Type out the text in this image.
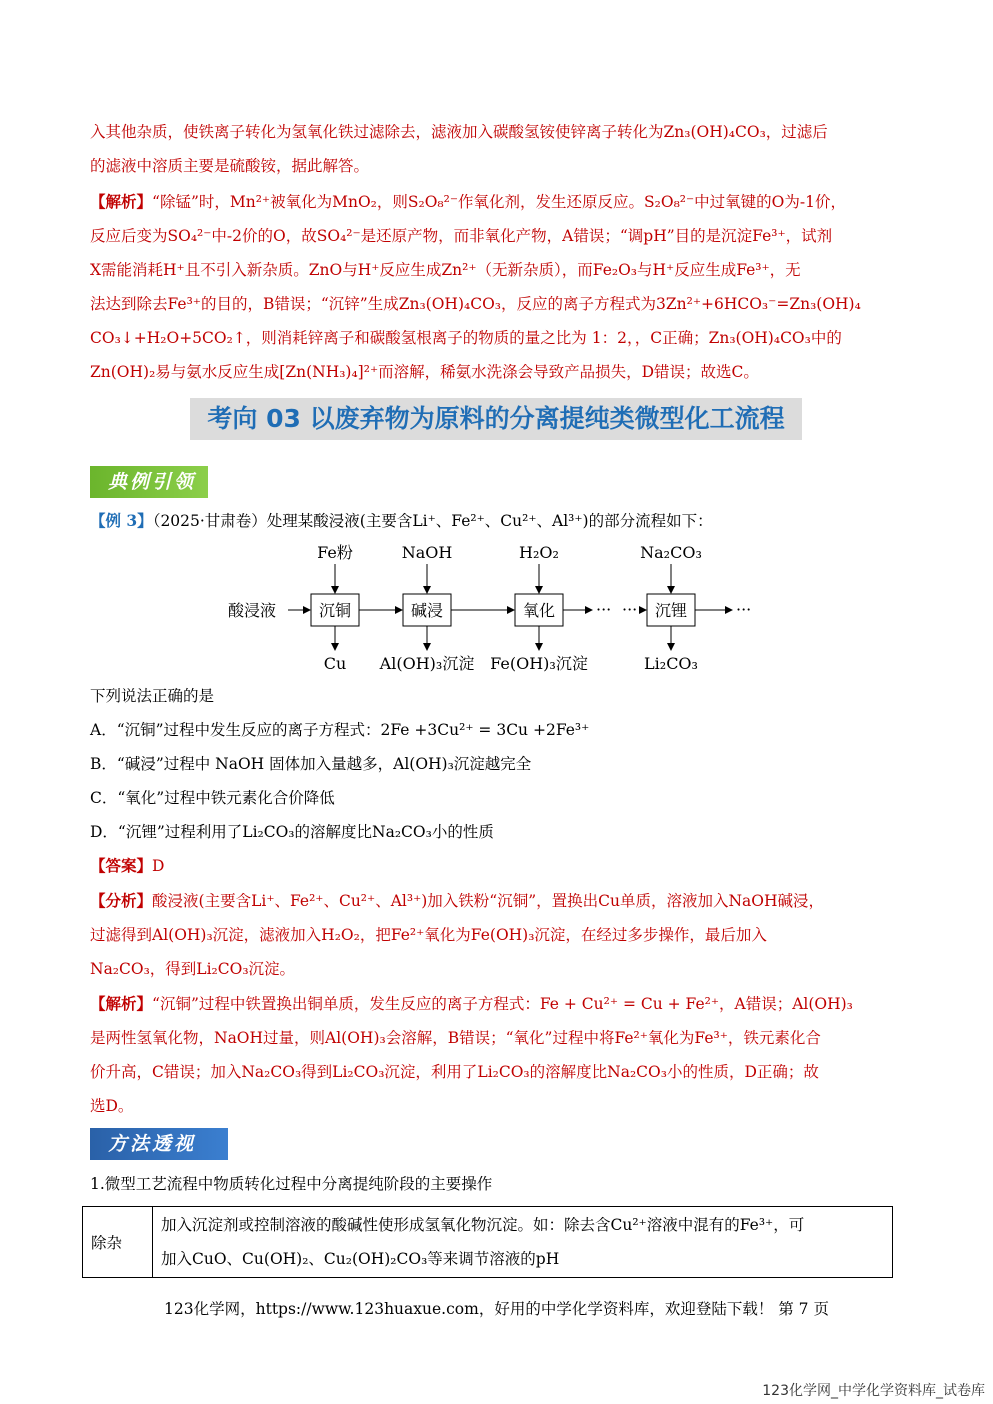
入其他杂质，使铁离子转化为氢氧化铁过滤除去，滤液加入碳酸氢铵使锌离子转化为Zn₃(OH)₄CO₃，过滤后
的滤液中溶质主要是硫酸铵，据此解答。
【解析】“除锰”时，Mn²⁺被氧化为MnO₂，则S₂O₈²⁻作氧化剂，发生还原反应。S₂O₈²⁻中过氧键的O为-1价，
反应后变为SO₄²⁻中-2价的O，故SO₄²⁻是还原产物，而非氧化产物，A错误；“调pH”目的是沉淀Fe³⁺，试剂
X需能消耗H⁺且不引入新杂质。ZnO与H⁺反应生成Zn²⁺（无新杂质），而Fe₂O₃与H⁺反应生成Fe³⁺，无
法达到除去Fe³⁺的目的，B错误；“沉锌”生成Zn₃(OH)₄CO₃，反应的离子方程式为3Zn²⁺+6HCO₃⁻=Zn₃(OH)₄
CO₃↓+H₂O+5CO₂↑，则消耗锌离子和碳酸氢根离子的物质的量之比为 1：2，，C正确；Zn₃(OH)₄CO₃中的
Zn(OH)₂易与氨水反应生成[Zn(NH₃)₄]²⁺而溶解，稀氨水洗涤会导致产品损失，D错误；故选C。
考向 03 以废弃物为原料的分离提纯类微型化工流程
典例引领
【例 3】（2025·甘肃卷）处理某酸浸液(主要含Li⁺、Fe²⁺、Cu²⁺、Al³⁺)的部分流程如下：
酸浸液	沉铜	碱浸	氧化	··· ··· 沉锂	···
Fe粉	NaOH	H₂O₂	Na₂CO₃
Cu Al(OH)₃沉淀 Fe(OH)₃沉淀	Li₂CO₃
下列说法正确的是
A．“沉铜”过程中发生反应的离子方程式：2Fe +3Cu²⁺ = 3Cu +2Fe³⁺
B．“碱浸”过程中 NaOH 固体加入量越多，Al(OH)₃沉淀越完全
C．“氧化”过程中铁元素化合价降低
D．“沉锂”过程利用了Li₂CO₃的溶解度比Na₂CO₃小的性质
【答案】D
【分析】酸浸液(主要含Li⁺、Fe²⁺、Cu²⁺、Al³⁺)加入铁粉“沉铜”，置换出Cu单质，溶液加入NaOH碱浸，
过滤得到Al(OH)₃沉淀，滤液加入H₂O₂，把Fe²⁺氧化为Fe(OH)₃沉淀，在经过多步操作，最后加入
Na₂CO₃，得到Li₂CO₃沉淀。
【解析】“沉铜”过程中铁置换出铜单质，发生反应的离子方程式：Fe + Cu²⁺ = Cu + Fe²⁺，A错误；Al(OH)₃
是两性氢氧化物，NaOH过量，则Al(OH)₃会溶解，B错误；“氧化”过程中将Fe²⁺氧化为Fe³⁺，铁元素化合
价升高，C错误；加入Na₂CO₃得到Li₂CO₃沉淀，利用了Li₂CO₃的溶解度比Na₂CO₃小的性质，D正确；故
选D。
方法透视
1.微型工艺流程中物质转化过程中分离提纯阶段的主要操作
除杂	
加入沉淀剂或控制溶液的酸碱性使形成氢氧化物沉淀。如：除去含Cu²⁺溶液中混有的Fe³⁺，可
加入CuO、Cu(OH)₂、Cu₂(OH)₂CO₃等来调节溶液的pH
123化学网，https://www.123huaxue.com，好用的中学化学资料库，欢迎登陆下载！ 第 7 页
123化学网_中学化学资料库_试卷库
